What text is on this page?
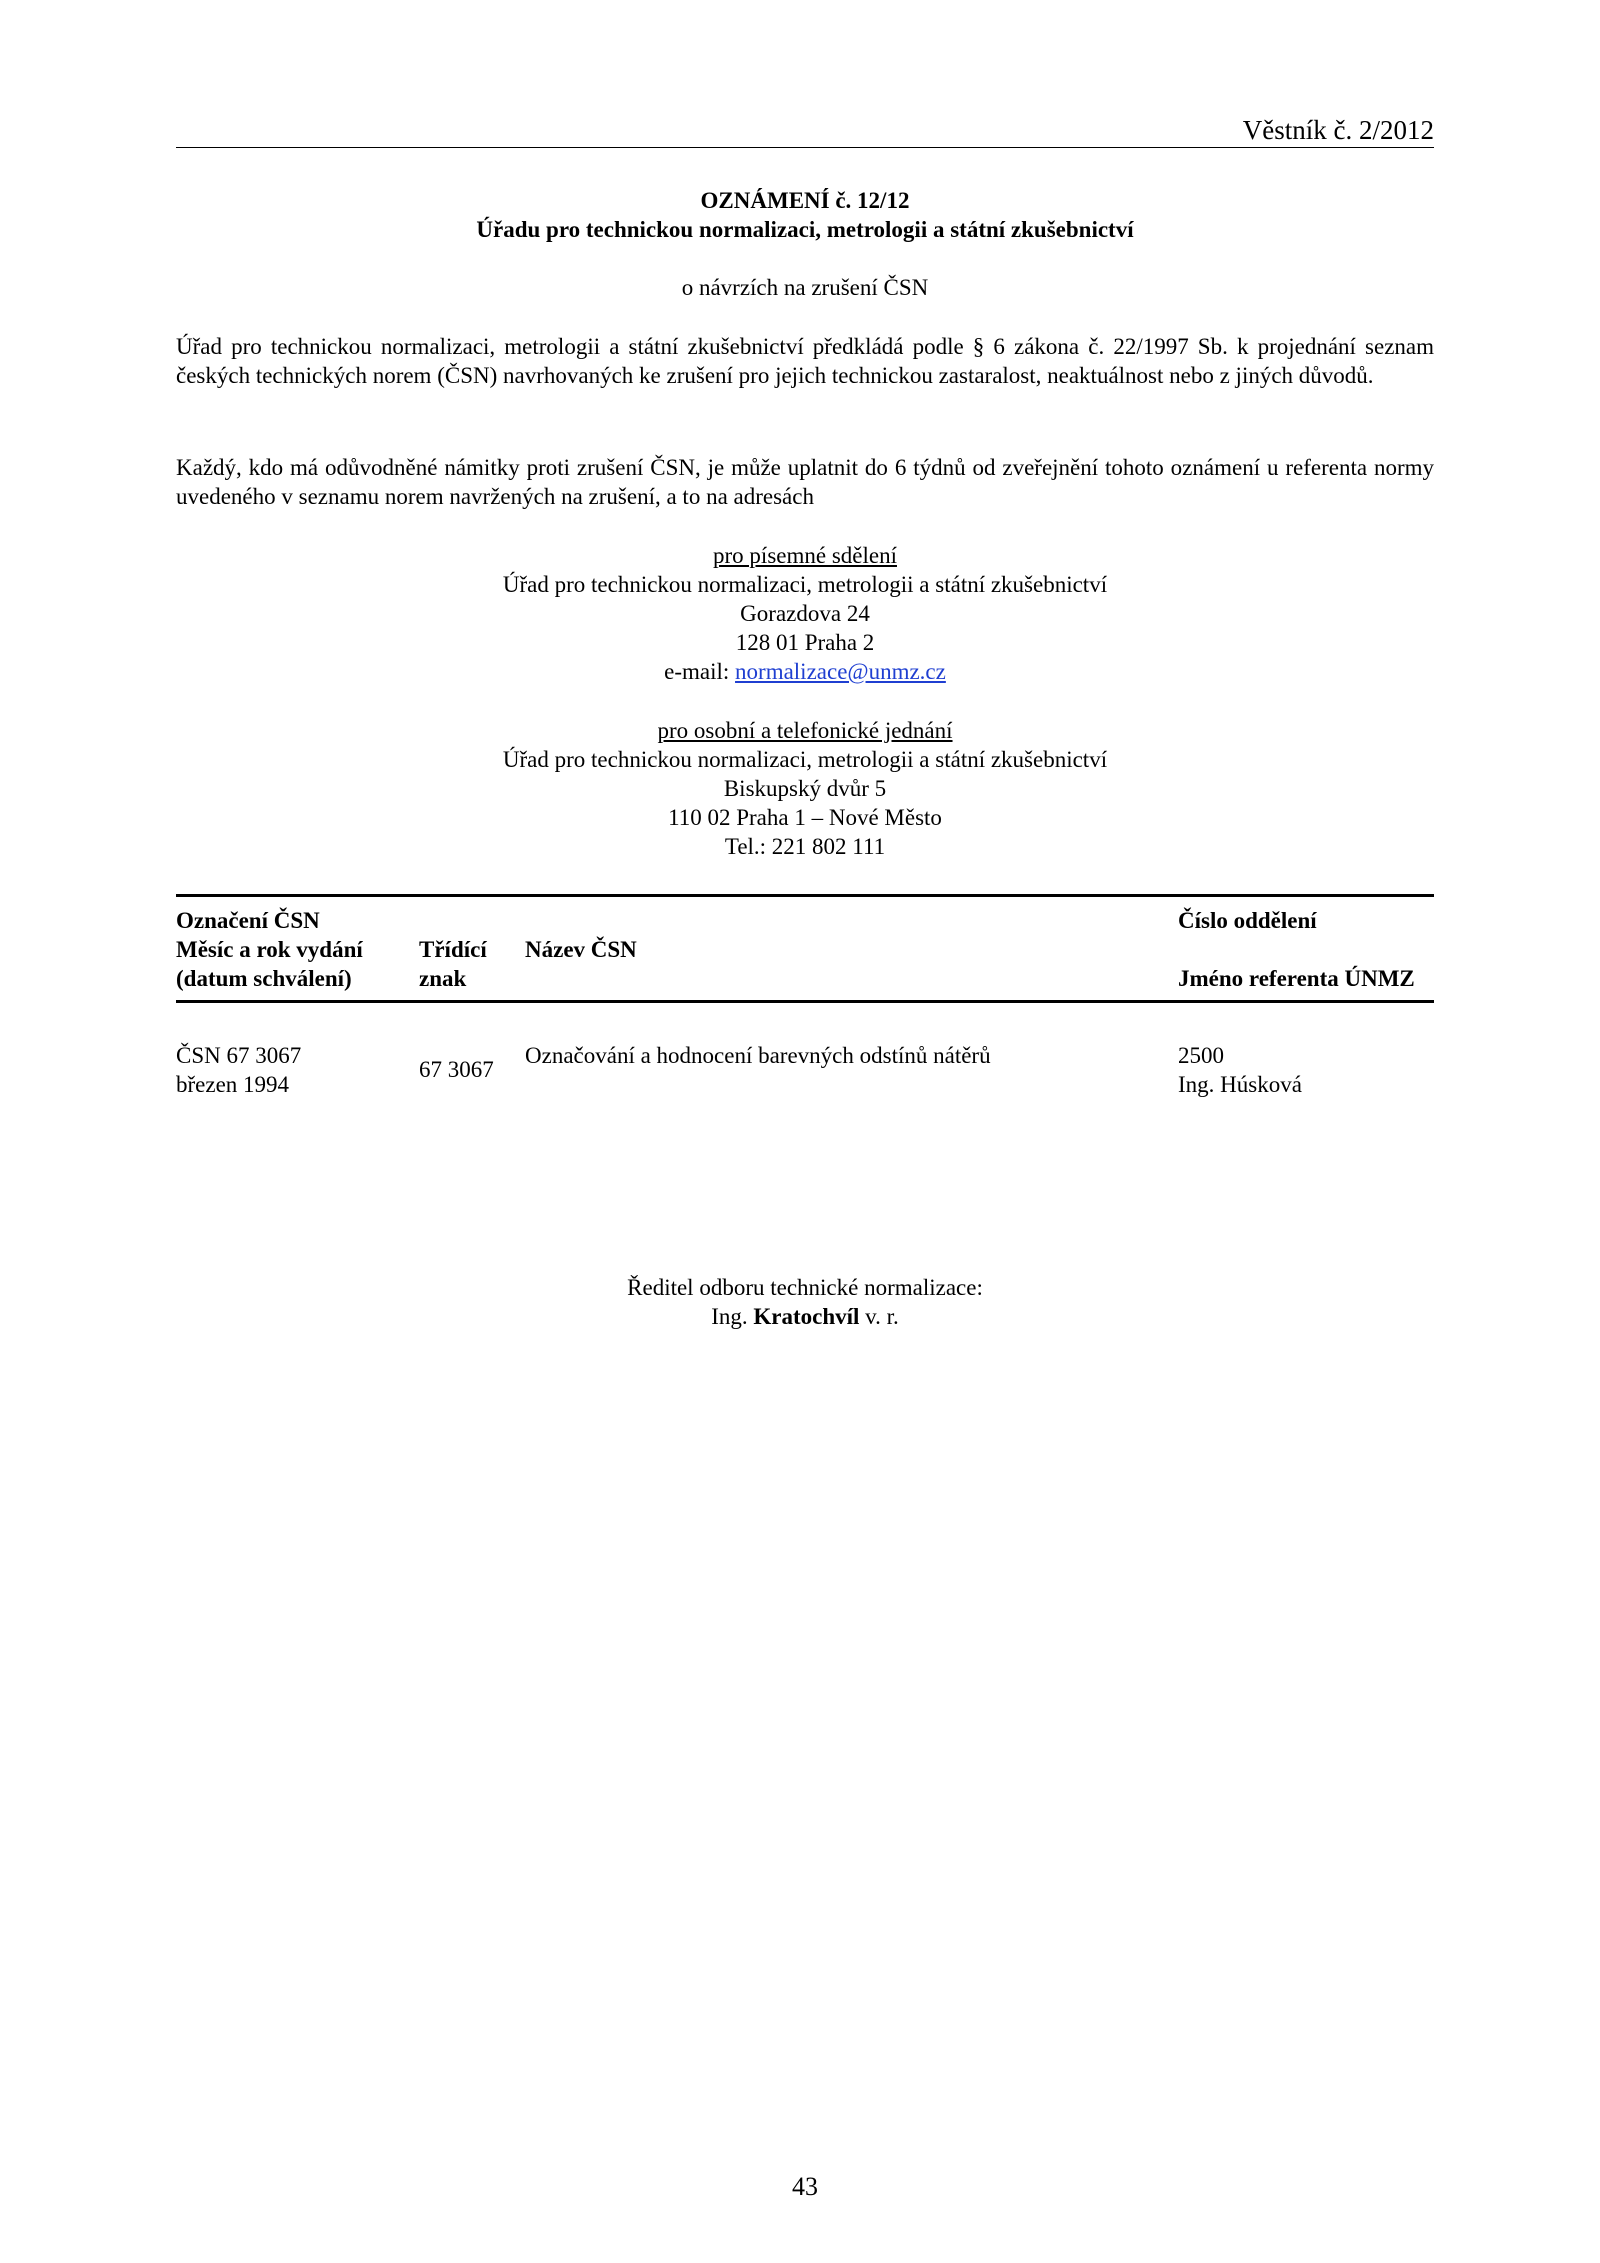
Věstník č. 2/2012
OZNÁMENÍ č. 12/12
Úřadu pro technickou normalizaci, metrologii a státní zkušebnictví
o návrzích na zrušení ČSN

Úřad pro technickou normalizaci, metrologii a státní zkušebnictví předkládá podle § 6 zákona č. 22/1997 Sb. k projednání seznam českých technických norem (ČSN) navrhovaných ke zrušení pro jejich technickou zastaralost, neaktuálnost nebo z jiných důvodů.

Každý, kdo má odůvodněné námitky proti zrušení ČSN, je může uplatnit do 6 týdnů od zveřejnění tohoto oznámení u referenta normy uvedeného v seznamu norem navržených na zrušení, a to na adresách

pro písemné sdělení
Úřad pro technickou normalizaci, metrologii a státní zkušebnictví
Gorazdova 24
128 01 Praha 2
e-mail: normalizace@unmz.cz
pro osobní a telefonické jednání
Úřad pro technickou normalizaci, metrologii a státní zkušebnictví
Biskupský dvůr 5
110 02 Praha 1 – Nové Město
Tel.: 221 802 111
Označení ČSN
Měsíc a rok vydání
(datum schválení)
Třídící
znak
Název ČSN
Číslo oddělení
Jméno referenta ÚNMZ
ČSN 67 3067
březen 1994
67 3067
Označování a hodnocení barevných odstínů nátěrů	2500
Ing. Húsková
Ředitel odboru technické normalizace:
Ing. Kratochvíl v. r.
43
